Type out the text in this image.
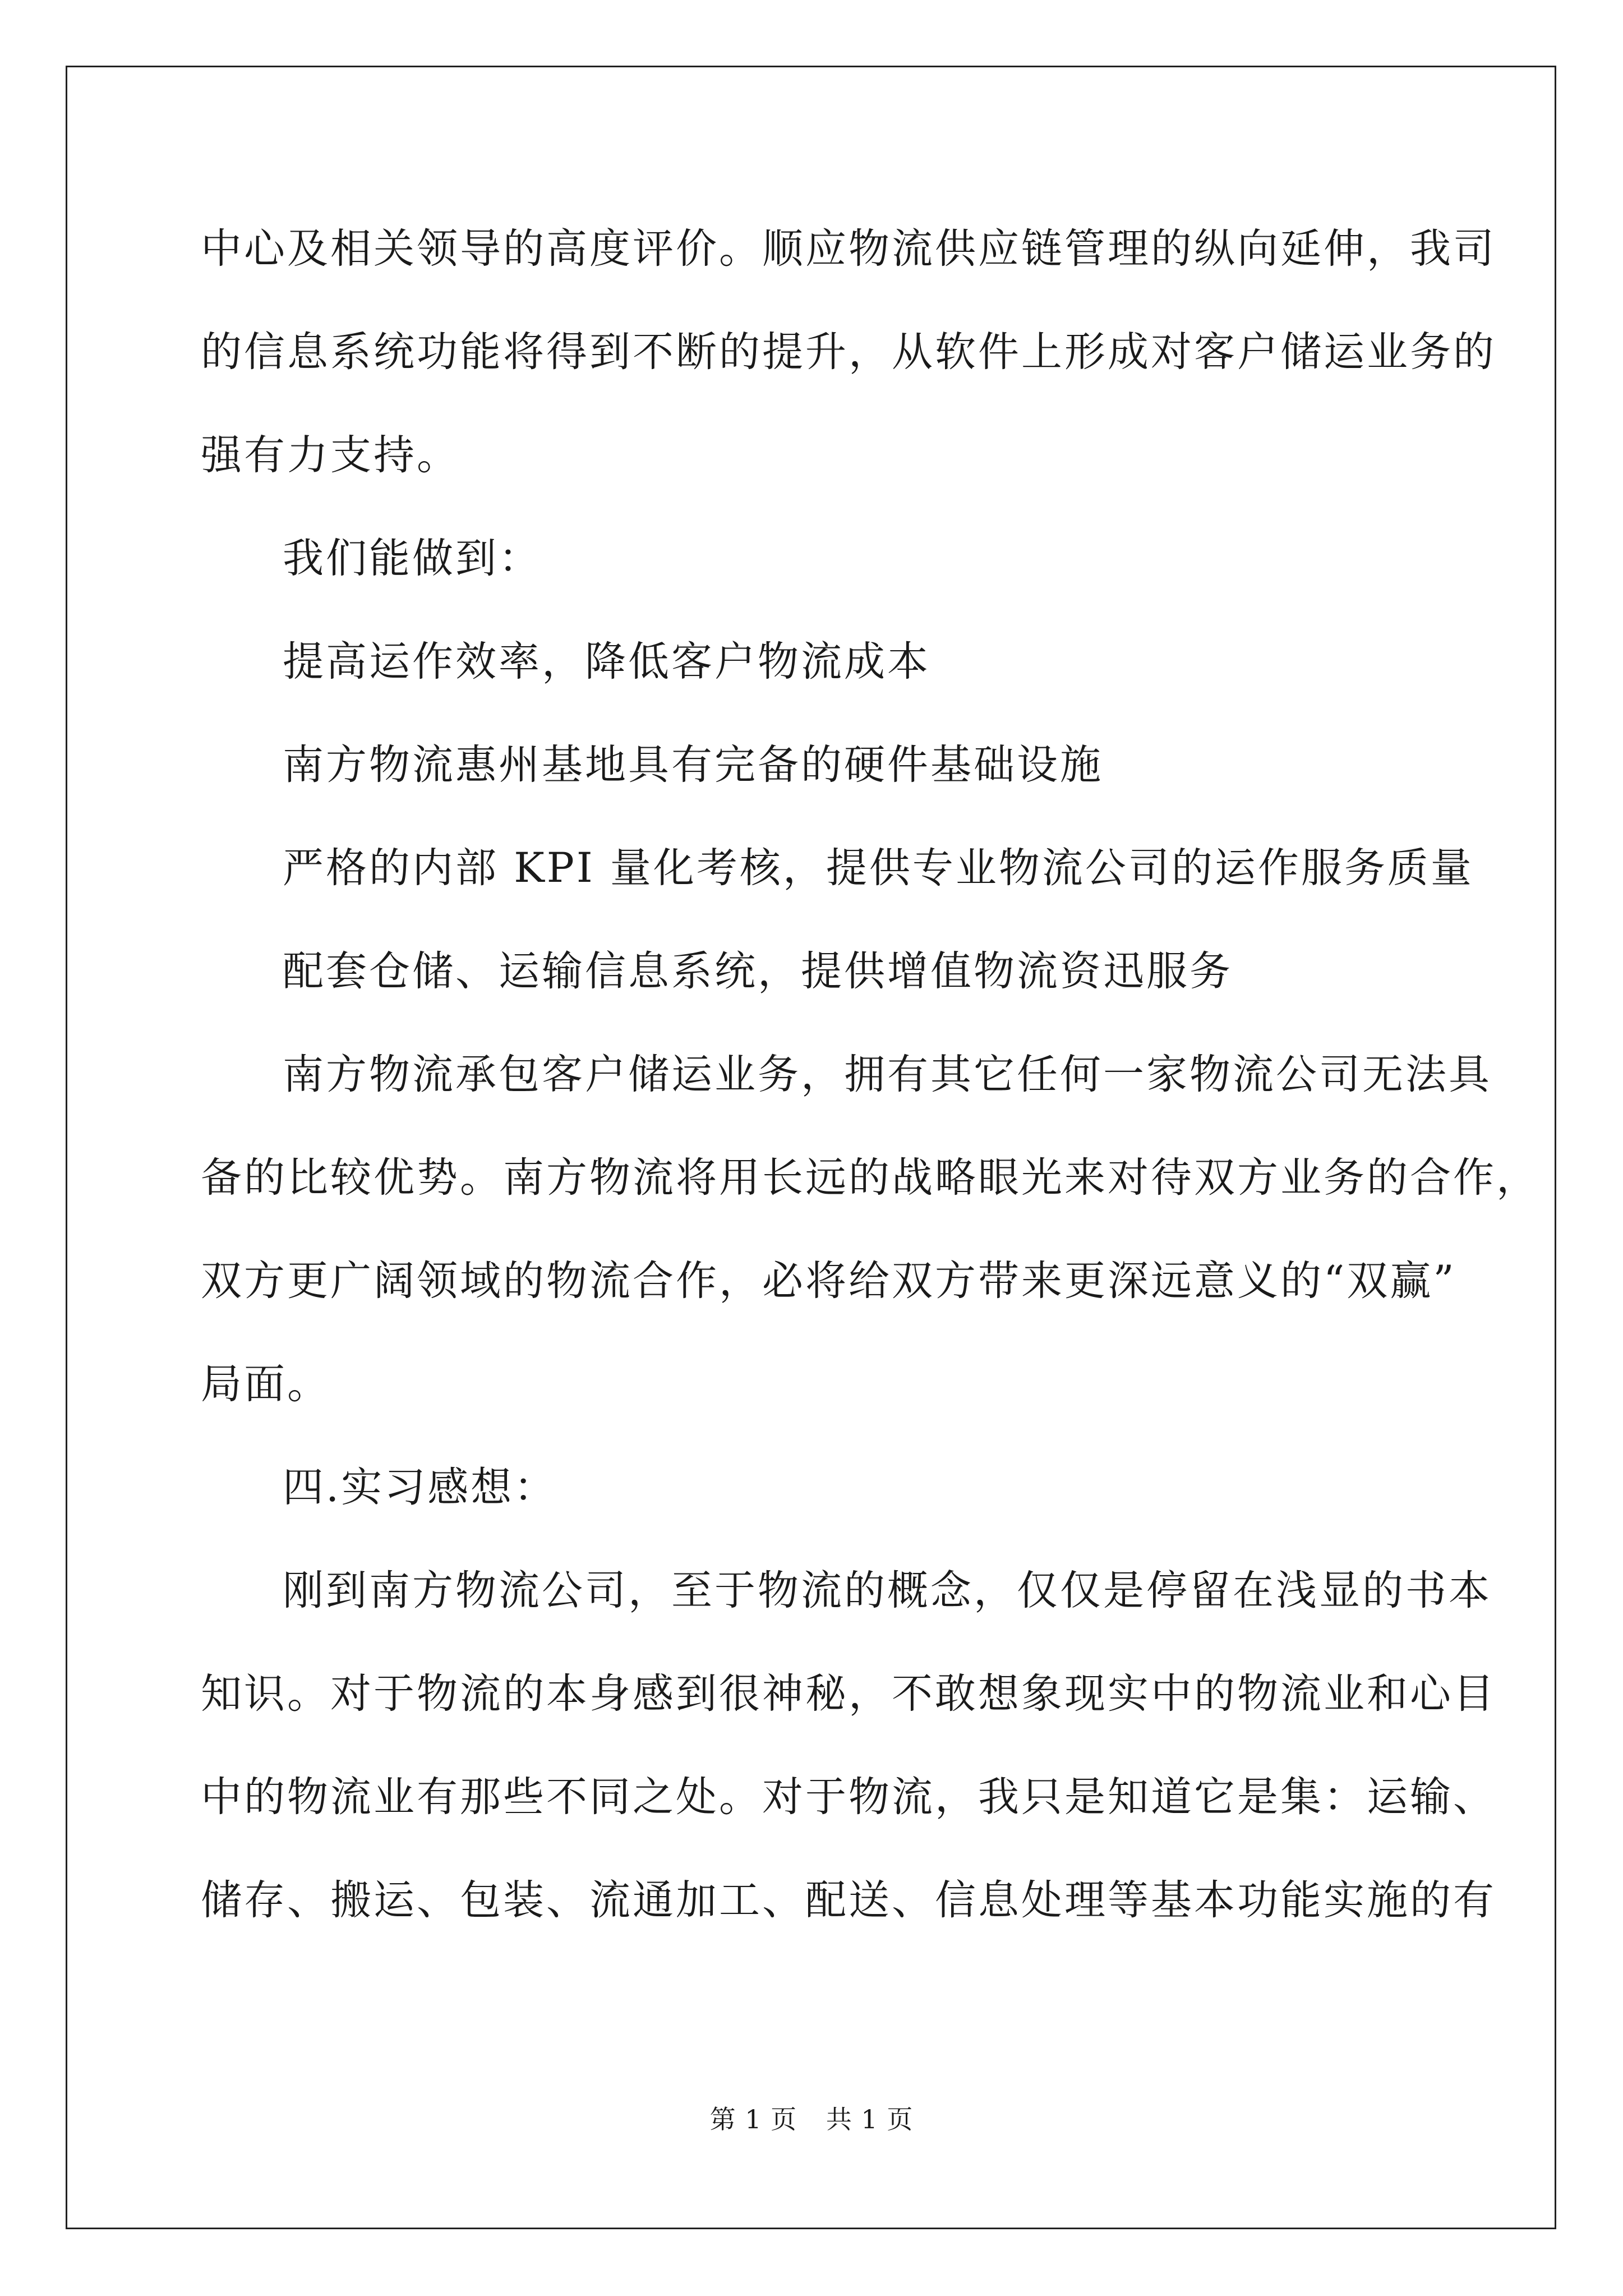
中心及相关领导的高度评价。顺应物流供应链管理的纵向延伸，我司
的信息系统功能将得到不断的提升，从软件上形成对客户储运业务的
强有力支持。
我们能做到：
提高运作效率，降低客户物流成本
南方物流惠州基地具有完备的硬件基础设施
严格的内部 KPI 量化考核，提供专业物流公司的运作服务质量
配套仓储、运输信息系统，提供增值物流资迅服务
南方物流承包客户储运业务，拥有其它任何一家物流公司无法具
备的比较优势。南方物流将用长远的战略眼光来对待双方业务的合作，
双方更广阔领域的物流合作，必将给双方带来更深远意义的“双赢”
局面。
四.实习感想：
刚到南方物流公司，至于物流的概念，仅仅是停留在浅显的书本
知识。对于物流的本身感到很神秘，不敢想象现实中的物流业和心目
中的物流业有那些不同之处。对于物流，我只是知道它是集：运输、
储存、搬运、包装、流通加工、配送、信息处理等基本功能实施的有
第 1 页 共 1 页
